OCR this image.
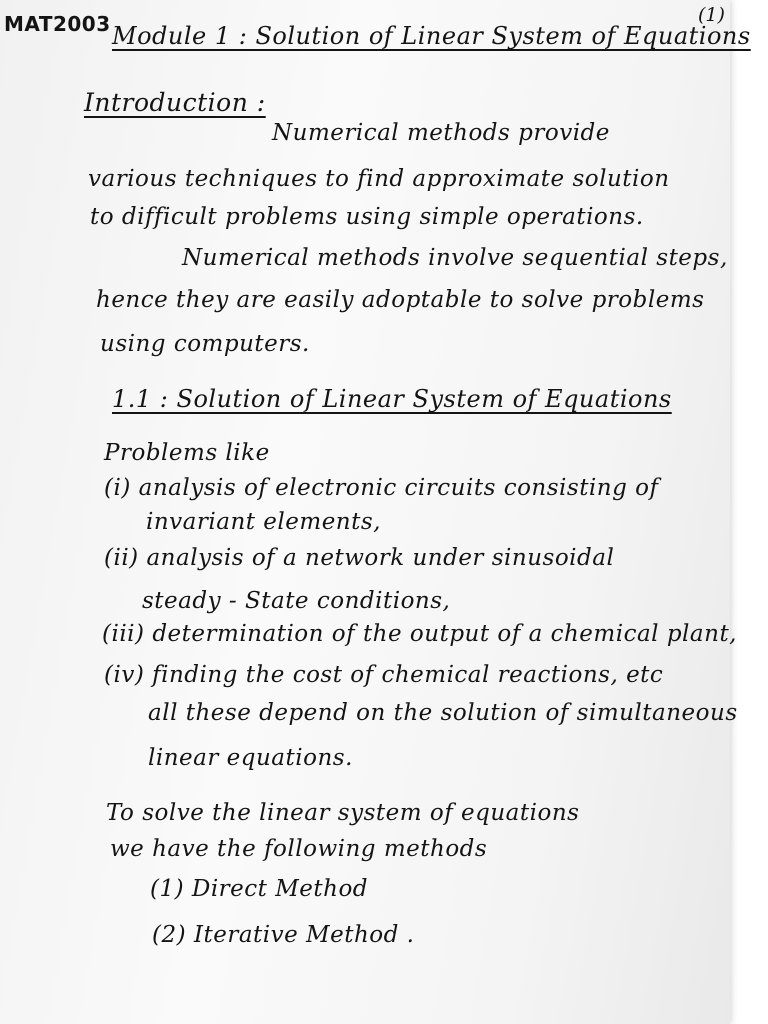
MAT2003	(1)
Module 1 : Solution of Linear System of Equations
Introduction :
Numerical methods provide
various techniques to find approximate solution
to difficult problems using simple operations.
Numerical methods involve sequential steps,
hence they are easily adoptable to solve problems
using computers.
1.1 : Solution of Linear System of Equations
Problems like
(i) analysis of electronic circuits consisting of
invariant elements,
(ii) analysis of a network under sinusoidal
steady - State conditions,
(iii) determination of the output of a chemical plant,
(iv) finding the cost of chemical reactions, etc
all these depend on the solution of simultaneous
linear equations.
To solve the linear system of equations
we have the following methods
(1) Direct Method
(2) Iterative Method .
